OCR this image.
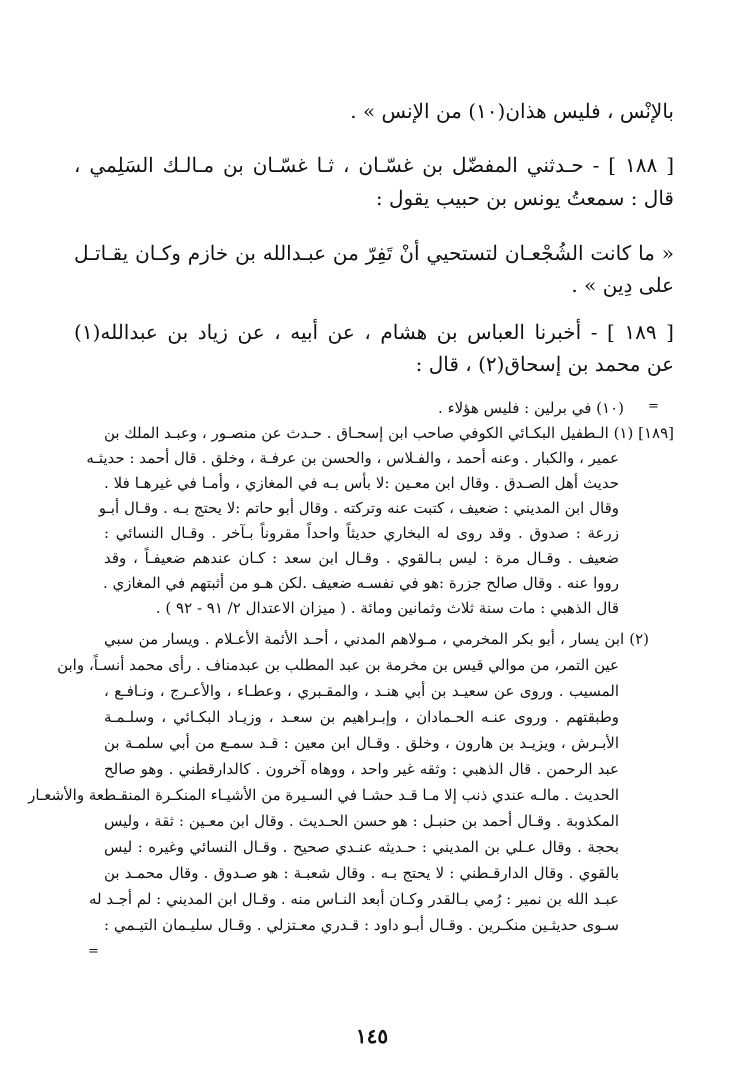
بالإنْس ، فليس هذان(١٠) من الإنس » .

[ ١٨٨ ] - حـدثني المفضّل بن غسّـان ، ثـا غسّـان بن مـالـك السَلِمي ،

قال : سمعتُ يونس بن حبيب يقول :

« ما كانت الشُجْعـان لتستحيي أنْ تَفِرّ من عبـدالله بن خازم وكـان يقـاتـل

على دِين » .

[ ١٨٩ ] - أخبرنا العباس بن هشام ، عن أبيه ، عن زياد بن عبدالله(١)

عن محمد بن إسحاق(٢) ، قال :

=

(١٠) في برلين : فليس هؤلاء .

[١٨٩] (١) الـطفيل البكـائي الكوفي صاحب ابن إسحـاق . حـدث عن منصـور ، وعبـد الملك بن

عمير ، والكبار . وعنه أحمد ، والفـلاس ، والحسن بن عرفـة ، وخلق . قال أحمد : حديثـه

حديث أهل الصـدق . وقال ابن معـين :لا بأس بـه في المغازي ، وأمـا في غيرهـا فلا .

وقال ابن المديني : ضعيف ، كتبت عنه وتركته . وقال أبو حاتم :لا يحتج بـه . وقـال أبـو

زرعة : صدوق . وقد روى له البخاري حديثاً واحداً مقروناً بـآخر . وقـال النسائي :

ضعيف . وقـال مرة : ليس بـالقوي . وقـال ابن سعد : كـان عندهم ضعيفـاً ، وقد

رووا عنه . وقال صالح جزرة :هو في نفسـه ضعيف .لكن هـو من أثبتهم في المغازي .

قال الذهبي : مات سنة ثلاث وثمانين ومائة . ( ميزان الاعتدال ٢/ ٩١ - ٩٢ ) .

(٢) ابن يسار ، أبو بكر المخرمي ، مـولاهم المدني ، أحـد الأئمة الأعـلام . ويسار من سبي

عين التمر، من موالي قيس بن مخرمة بن عبد المطلب بن عبدمناف . رأى محمد أنسـاً، وابن

المسيب . وروى عن سعيـد بن أبي هنـد ، والمقـبري ، وعطـاء ، والأعـرج ، ونـافـع ،

وطبقتهم . وروى عنـه الحـمادان ، وإبـراهيم بن سعـد ، وزيـاد البكـائي ، وسلـمـة

الأبـرش ، ويزيـد بن هارون ، وخلق . وقـال ابن معين : قـد سمـع من أبي سلمـة بن

عبد الرحمن . قال الذهبي : وثقه غير واحد ، ووهاه آخرون . كالدارقطني . وهو صالح

الحديث . مالـه عندي ذنب إلا مـا قـد حشـا في السـيرة من الأشيـاء المنكـرة المنقـطعة والأشعـار

المكذوبة . وقـال أحمد بن حنبـل : هو حسن الحـديث . وقال ابن معـين : ثقة ، وليس

بحجة . وقال عـلي بن المديني : حـديثه عنـدي صحيح . وقـال النسائي وغيره : ليس

بالقوي . وقال الدارقـطني : لا يحتج بـه . وقال شعبـة : هو صـدوق . وقال محمـد بن

عبـد الله بن نمير : رُمي بـالقدر وكـان أبعد النـاس منه . وقـال ابن المديني : لم أجـد له

سـوى حديثـين منكـرين . وقـال أبـو داود : قـدري معـتزلي . وقـال سليـمان التيـمي :

=
١٤٥
